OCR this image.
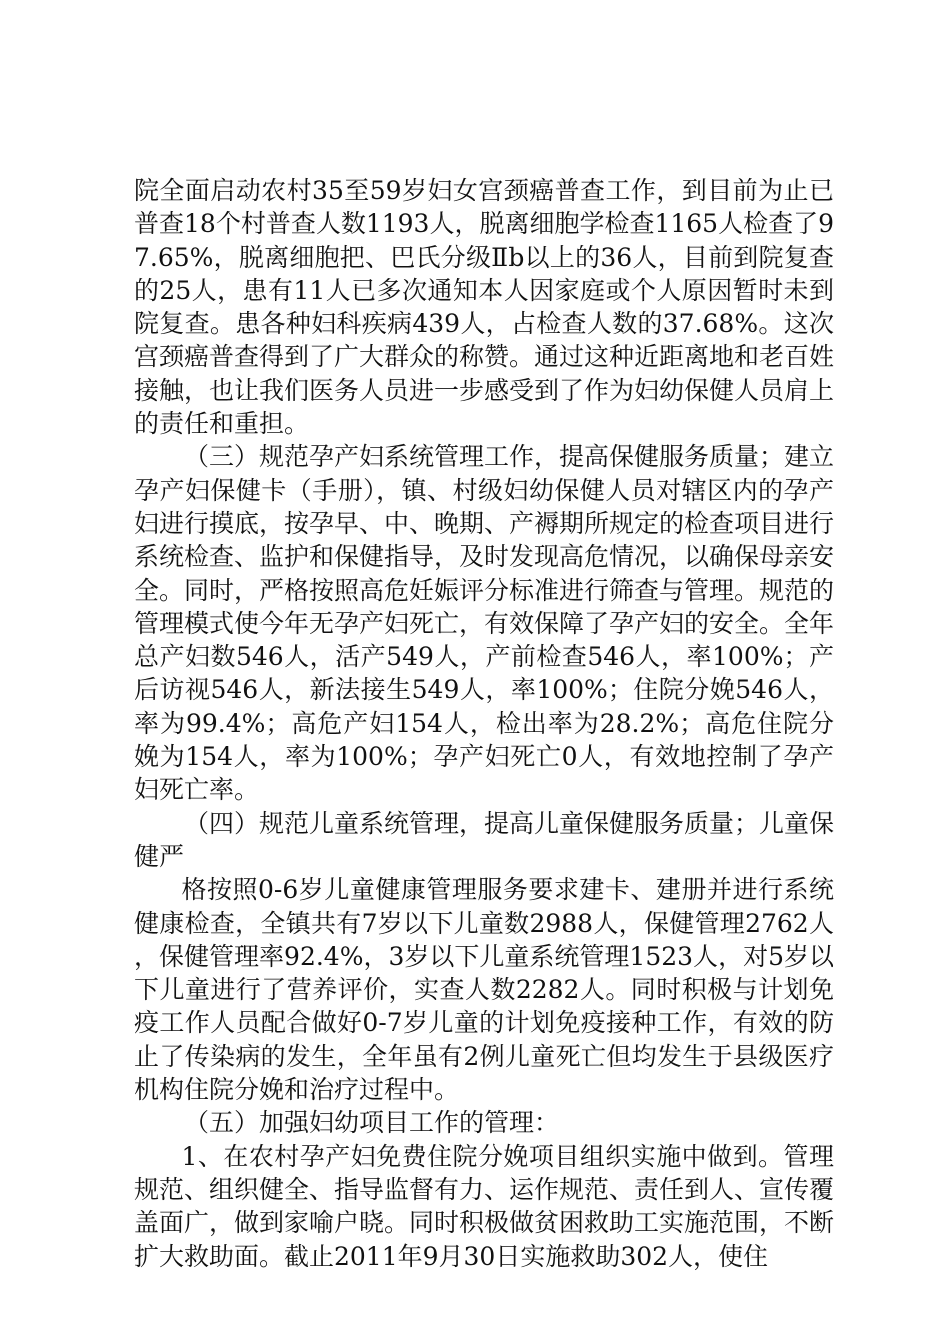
院全面启动农村35至59岁妇女宫颈癌普查工作，到目前为止已普查18个村普查人数1193人，脱离细胞学检查1165人检查了97.65%，脱离细胞把、巴氏分级Ⅱb以上的36人，目前到院复查的25人，患有11人已多次通知本人因家庭或个人原因暂时未到院复查。患各种妇科疾病439人，占检查人数的37.68%。这次宫颈癌普查得到了广大群众的称赞。通过这种近距离地和老百姓接触，也让我们医务人员进一步感受到了作为妇幼保健人员肩上的责任和重担。

（三）规范孕产妇系统管理工作，提高保健服务质量；建立孕产妇保健卡（手册），镇、村级妇幼保健人员对辖区内的孕产妇进行摸底，按孕早、中、晚期、产褥期所规定的检查项目进行系统检查、监护和保健指导，及时发现高危情况，以确保母亲安全。同时，严格按照高危妊娠评分标准进行筛查与管理。规范的管理模式使今年无孕产妇死亡，有效保障了孕产妇的安全。全年总产妇数546人，活产549人，产前检查546人，率100%；产后访视546人，新法接生549人，率100%；住院分娩546人，率为99.4%；高危产妇154人，检出率为28.2%；高危住院分娩为154人，率为100%；孕产妇死亡0人，有效地控制了孕产妇死亡率。

（四）规范儿童系统管理，提高儿童保健服务质量；儿童保健严

格按照0-6岁儿童健康管理服务要求建卡、建册并进行系统健康检查，全镇共有7岁以下儿童数2988人，保健管理2762人，保健管理率92.4%，3岁以下儿童系统管理1523人，对5岁以下儿童进行了营养评价，实查人数2282人。同时积极与计划免疫工作人员配合做好0-7岁儿童的计划免疫接种工作，有效的防止了传染病的发生，全年虽有2例儿童死亡但均发生于县级医疗机构住院分娩和治疗过程中。

（五）加强妇幼项目工作的管理：

1、在农村孕产妇免费住院分娩项目组织实施中做到。管理规范、组织健全、指导监督有力、运作规范、责任到人、宣传覆盖面广，做到家喻户晓。同时积极做贫困救助工实施范围，不断扩大救助面。截止2011年9月30日实施救助302人，使住
